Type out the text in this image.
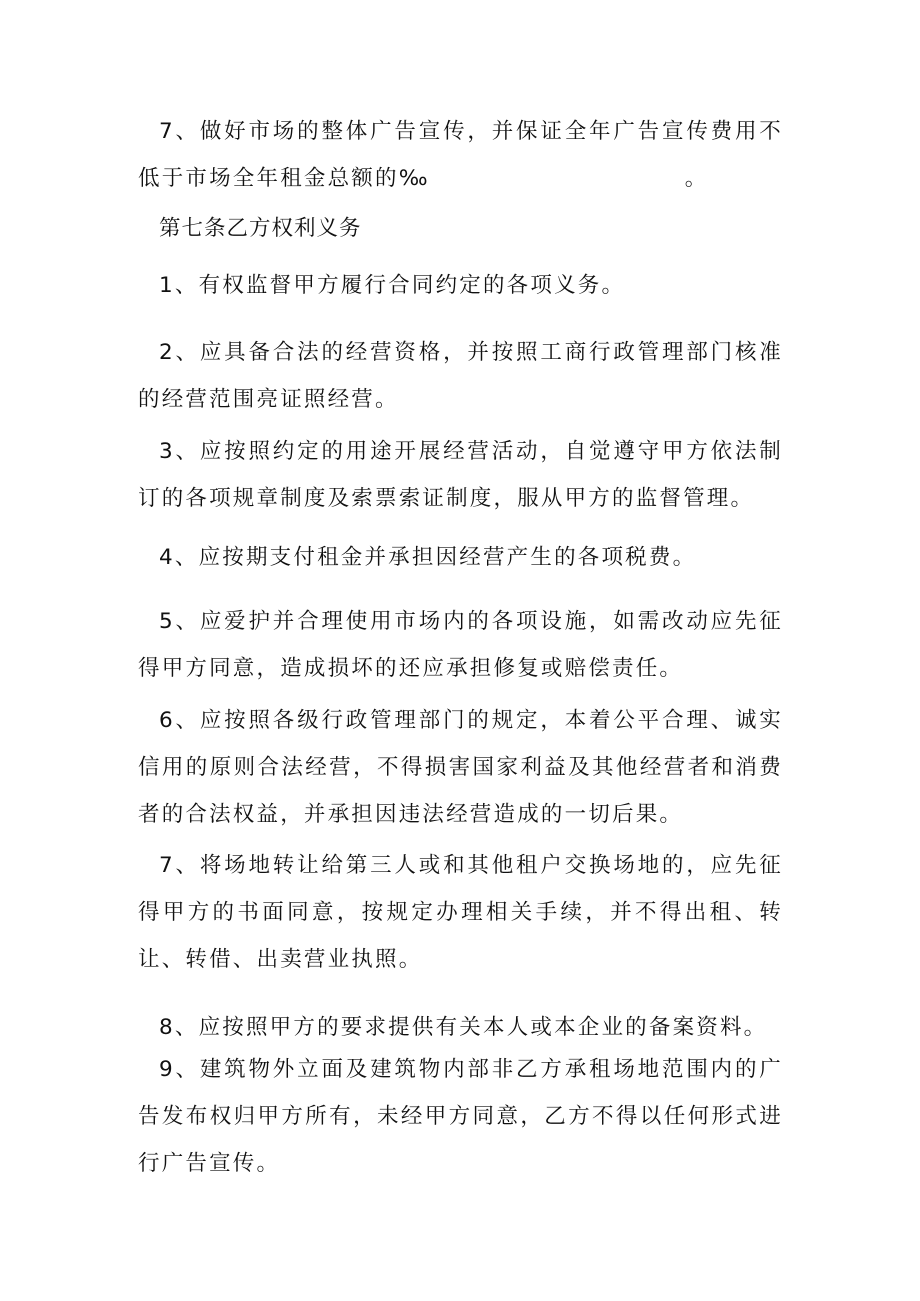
7、做好市场的整体广告宣传，并保证全年广告宣传费用不低于市场全年租金总额的‰	。

第七条乙方权利义务

1、有权监督甲方履行合同约定的各项义务。

2、应具备合法的经营资格，并按照工商行政管理部门核准的经营范围亮证照经营。

3、应按照约定的用途开展经营活动，自觉遵守甲方依法制订的各项规章制度及索票索证制度，服从甲方的监督管理。

4、应按期支付租金并承担因经营产生的各项税费。

5、应爱护并合理使用市场内的各项设施，如需改动应先征得甲方同意，造成损坏的还应承担修复或赔偿责任。

6、应按照各级行政管理部门的规定，本着公平合理、诚实信用的原则合法经营，不得损害国家利益及其他经营者和消费者的合法权益，并承担因违法经营造成的一切后果。

7、将场地转让给第三人或和其他租户交换场地的，应先征得甲方的书面同意，按规定办理相关手续，并不得出租、转让、转借、出卖营业执照。

8、应按照甲方的要求提供有关本人或本企业的备案资料。

9、建筑物外立面及建筑物内部非乙方承租场地范围内的广告发布权归甲方所有，未经甲方同意，乙方不得以任何形式进行广告宣传。
